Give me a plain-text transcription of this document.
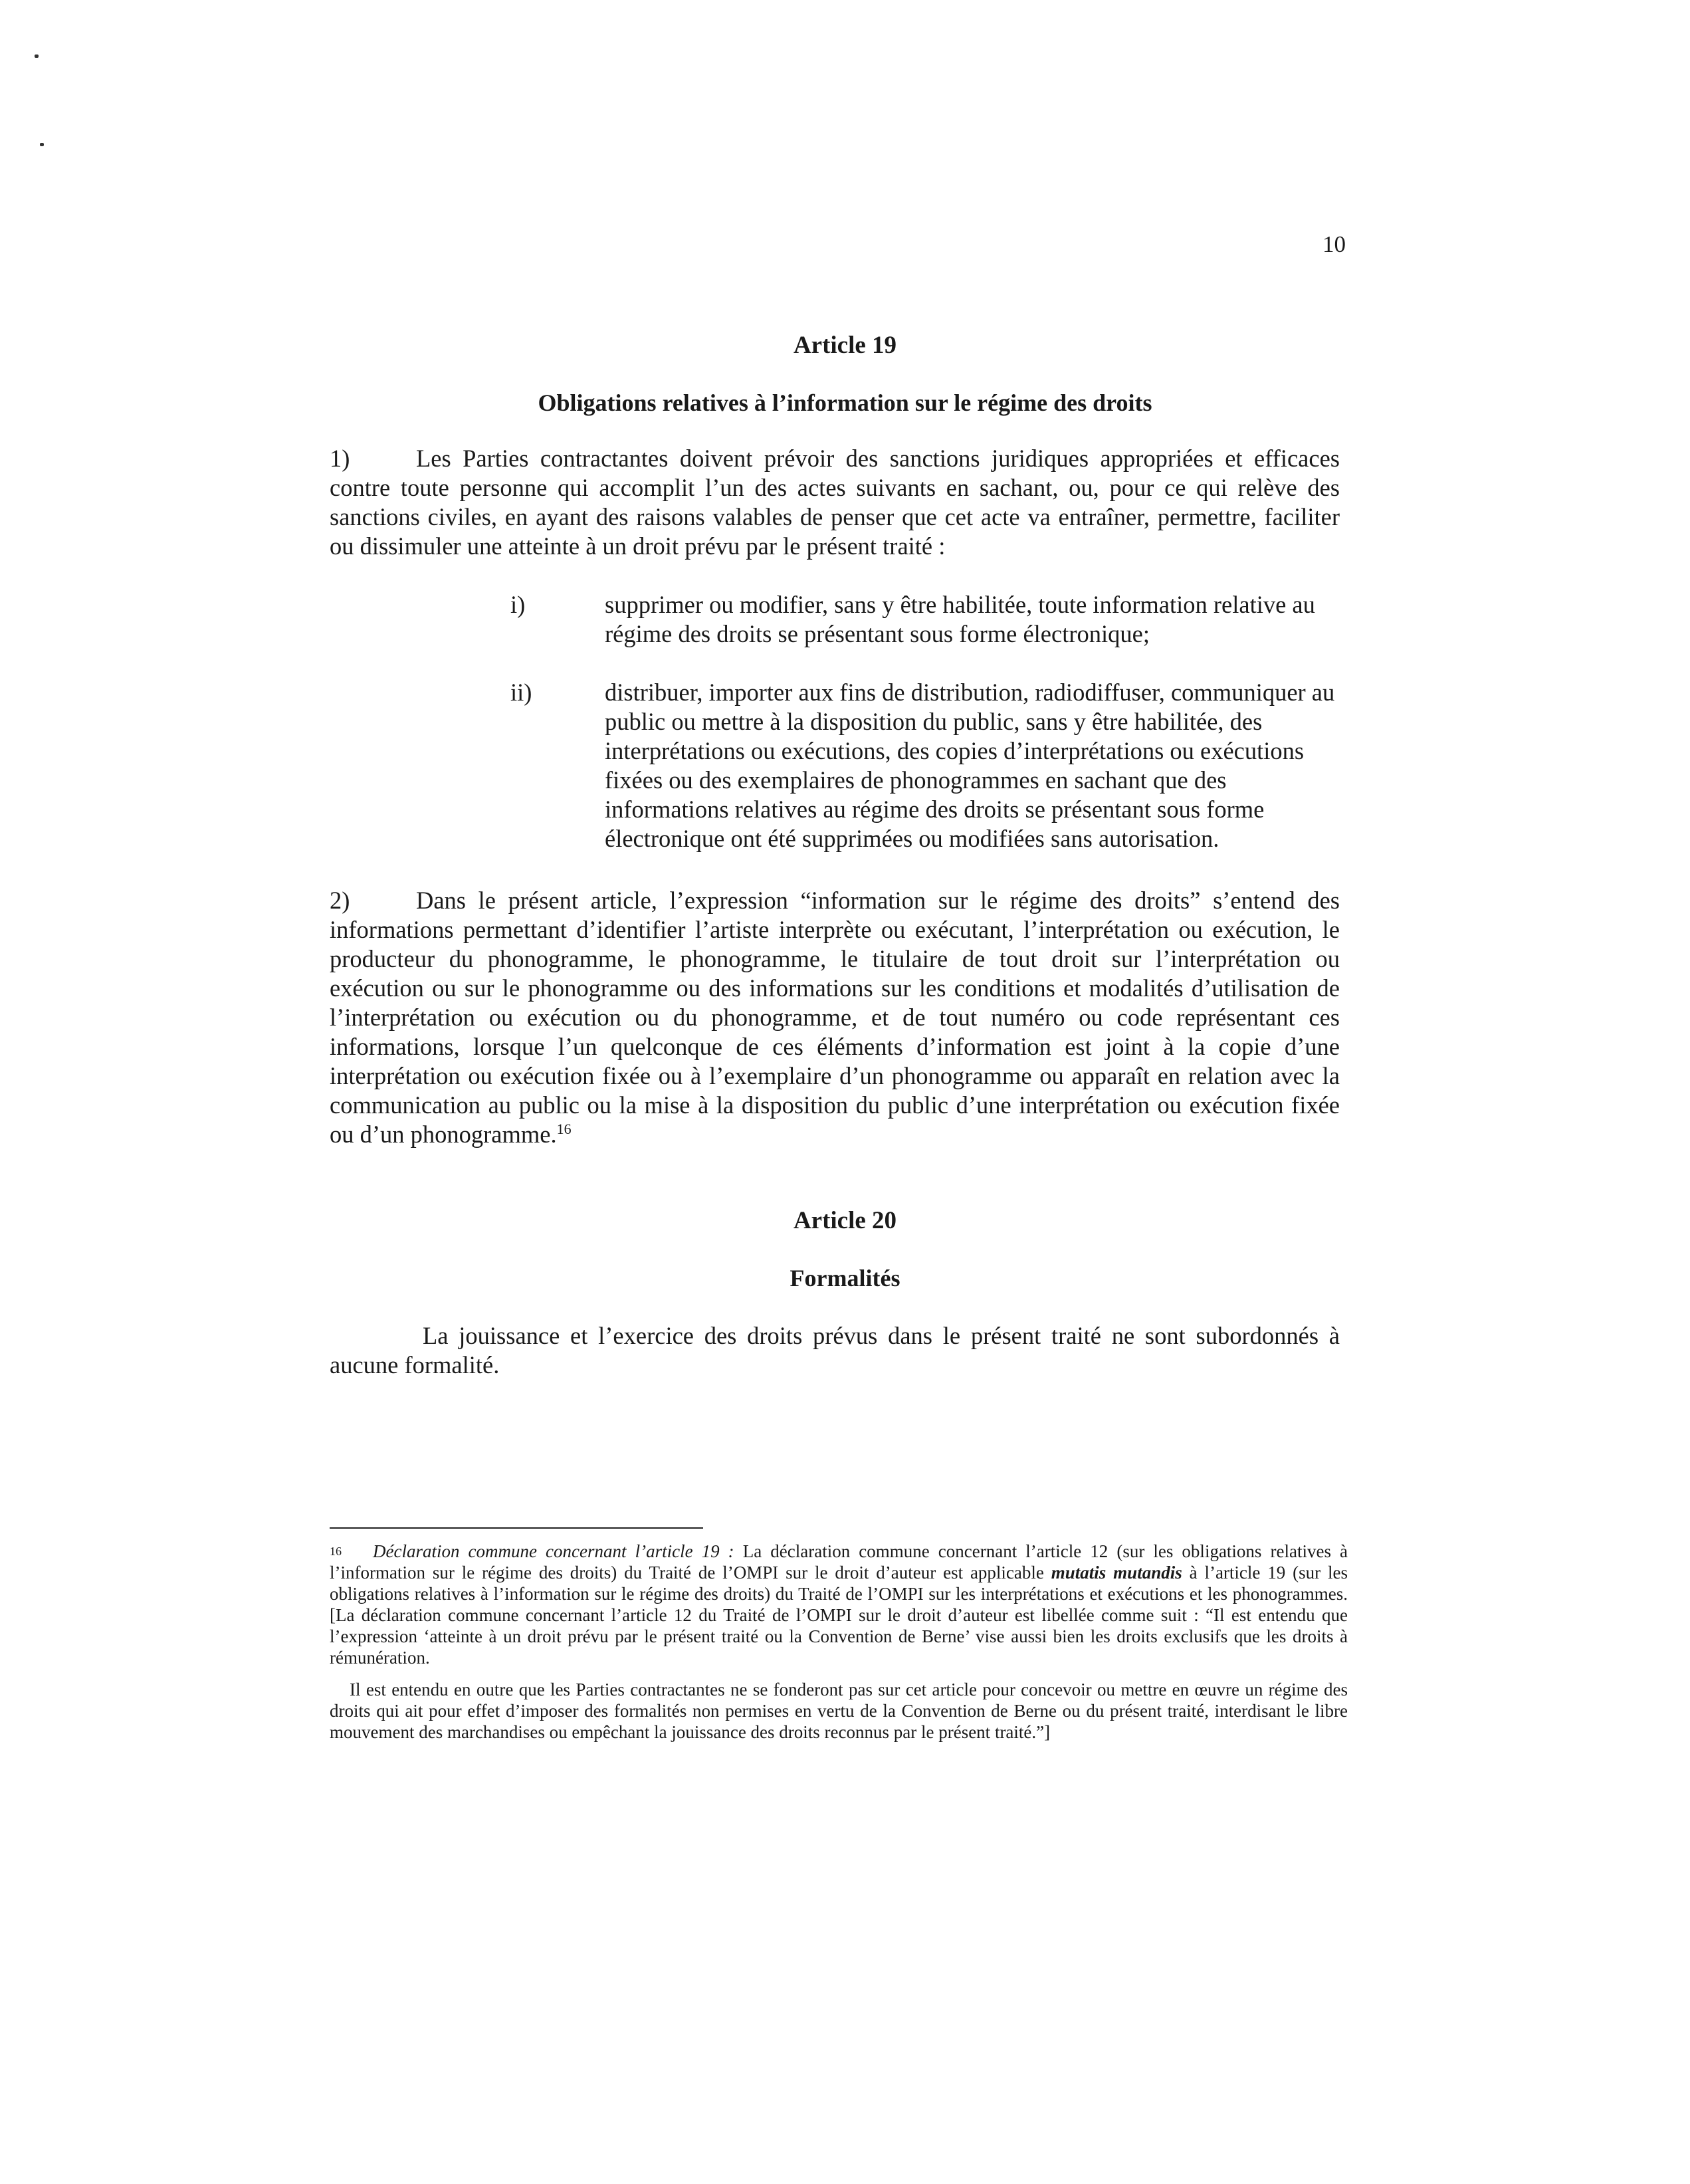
10
Article 19
Obligations relatives à l’information sur le régime des droits
1)	Les Parties contractantes doivent prévoir des sanctions juridiques appropriées et efficaces contre toute personne qui accomplit l’un des actes suivants en sachant, ou, pour ce qui relève des sanctions civiles, en ayant des raisons valables de penser que cet acte va entraîner, permettre, faciliter ou dissimuler une atteinte à un droit prévu par le présent traité :
i)	supprimer ou modifier, sans y être habilitée, toute information relative au régime des droits se présentant sous forme électronique;
ii)	distribuer, importer aux fins de distribution, radiodiffuser, communiquer au public ou mettre à la disposition du public, sans y être habilitée, des interprétations ou exécutions, des copies d’interprétations ou exécutions fixées ou des exemplaires de phonogrammes en sachant que des informations relatives au régime des droits se présentant sous forme électronique ont été supprimées ou modifiées sans autorisation.
2)	Dans le présent article, l’expression “information sur le régime des droits” s’entend des informations permettant d’identifier l’artiste interprète ou exécutant, l’interprétation ou exécution, le producteur du phonogramme, le phonogramme, le titulaire de tout droit sur l’interprétation ou exécution ou sur le phonogramme ou des informations sur les conditions et modalités d’utilisation de l’interprétation ou exécution ou du phonogramme, et de tout numéro ou code représentant ces informations, lorsque l’un quelconque de ces éléments d’information est joint à la copie d’une interprétation ou exécution fixée ou à l’exemplaire d’un phonogramme ou apparaît en relation avec la communication au public ou la mise à la disposition du public d’une interprétation ou exécution fixée ou d’un phonogramme.$^{16}$
Article 20
Formalités
La jouissance et l’exercice des droits prévus dans le présent traité ne sont subordonnés à aucune formalité.
16 Déclaration commune concernant l’article 19 : La déclaration commune concernant l’article 12 (sur les obligations relatives à l’information sur le régime des droits) du Traité de l’OMPI sur le droit d’auteur est applicable mutatis mutandis à l’article 19 (sur les obligations relatives à l’information sur le régime des droits) du Traité de l’OMPI sur les interprétations et exécutions et les phonogrammes. [La déclaration commune concernant l’article 12 du Traité de l’OMPI sur le droit d’auteur est libellée comme suit : “Il est entendu que l’expression ‘atteinte à un droit prévu par le présent traité ou la Convention de Berne’ vise aussi bien les droits exclusifs que les droits à rémunération.
Il est entendu en outre que les Parties contractantes ne se fonderont pas sur cet article pour concevoir ou mettre en œuvre un régime des droits qui ait pour effet d’imposer des formalités non permises en vertu de la Convention de Berne ou du présent traité, interdisant le libre mouvement des marchandises ou empêchant la jouissance des droits reconnus par le présent traité.”]
